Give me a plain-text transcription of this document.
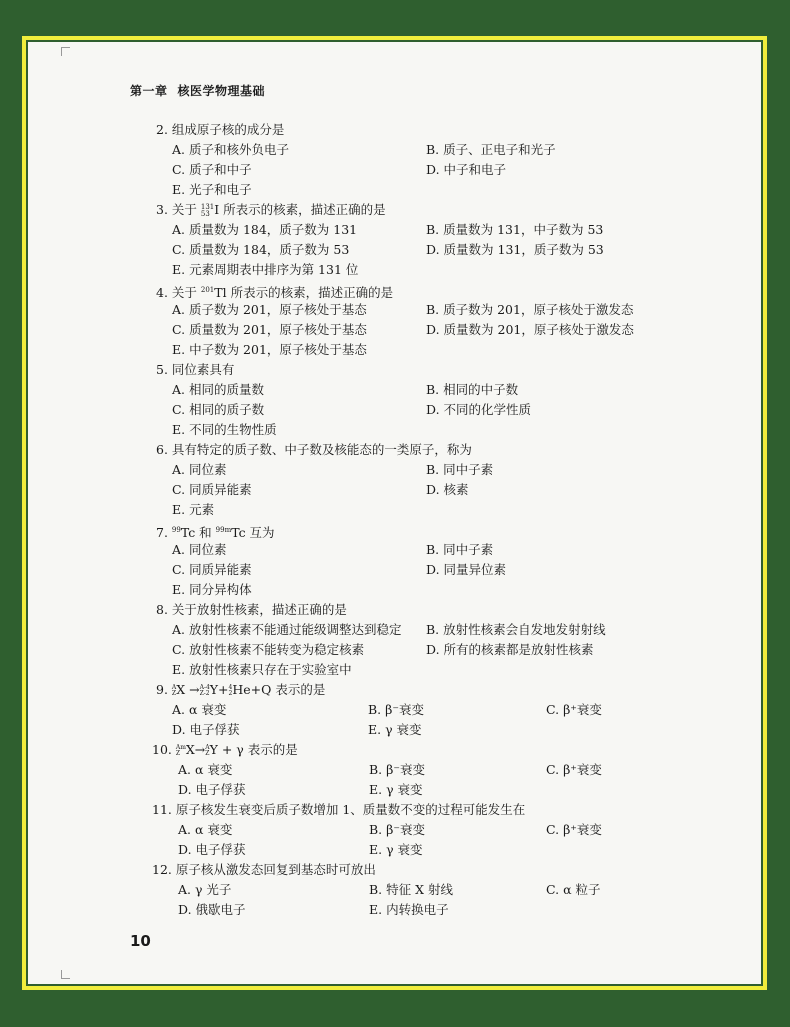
第一章 核医学物理基础
2. 组成原子核的成分是
A. 质子和核外负电子	B. 质子、正电子和光子
C. 质子和中子	D. 中子和电子
E. 光子和电子
3. 关于 131
53 I 所表示的核素，描述正确的是
A. 质量数为 184，质子数为 131	B. 质量数为 131，中子数为 53
C. 质量数为 184，质子数为 53	D. 质量数为 131，质子数为 53
E. 元素周期表中排序为第 131 位
4. 关于 $^{201}$Tl 所表示的核素，描述正确的是
A. 质子数为 201，原子核处于基态	B. 质子数为 201，原子核处于激发态
C. 质量数为 201，原子核处于基态	D. 质量数为 201，原子核处于激发态
E. 中子数为 201，原子核处于基态
5. 同位素具有
A. 相同的质量数	B. 相同的中子数
C. 相同的质子数	D. 不同的化学性质
E. 不同的生物性质
6. 具有特定的质子数、中子数及核能态的一类原子，称为
A. 同位素	B. 同中子素
C. 同质异能素	D. 核素
E. 元素
7. $^{99}$Tc 和 $^{99m}$Tc 互为
A. 同位素	B. 同中子素
C. 同质异能素	D. 同量异位素
E. 同分异构体
8. 关于放射性核素，描述正确的是
A. 放射性核素不能通过能级调整达到稳定 B. 放射性核素会自发地发射射线
C. 放射性核素不能转变为稳定核素	D. 所有的核素都是放射性核素
E. 放射性核素只存在于实验室中
9. A
Z X → A-4
Z-2 Y+ 4
2 He+Q 表示的是
A. α 衰变	B. β⁻衰变	C. β⁺衰变
D. 电子俘获	E. γ 衰变
10. Am
Z X→ A
Z Y + γ 表示的是
A. α 衰变	B. β⁻衰变	C. β⁺衰变
D. 电子俘获	E. γ 衰变
11. 原子核发生衰变后质子数增加 1、质量数不变的过程可能发生在
A. α 衰变	B. β⁻衰变	C. β⁺衰变
D. 电子俘获	E. γ 衰变
12. 原子核从激发态回复到基态时可放出
A. γ 光子	B. 特征 X 射线	C. α 粒子
D. 俄歇电子	E. 内转换电子
10
